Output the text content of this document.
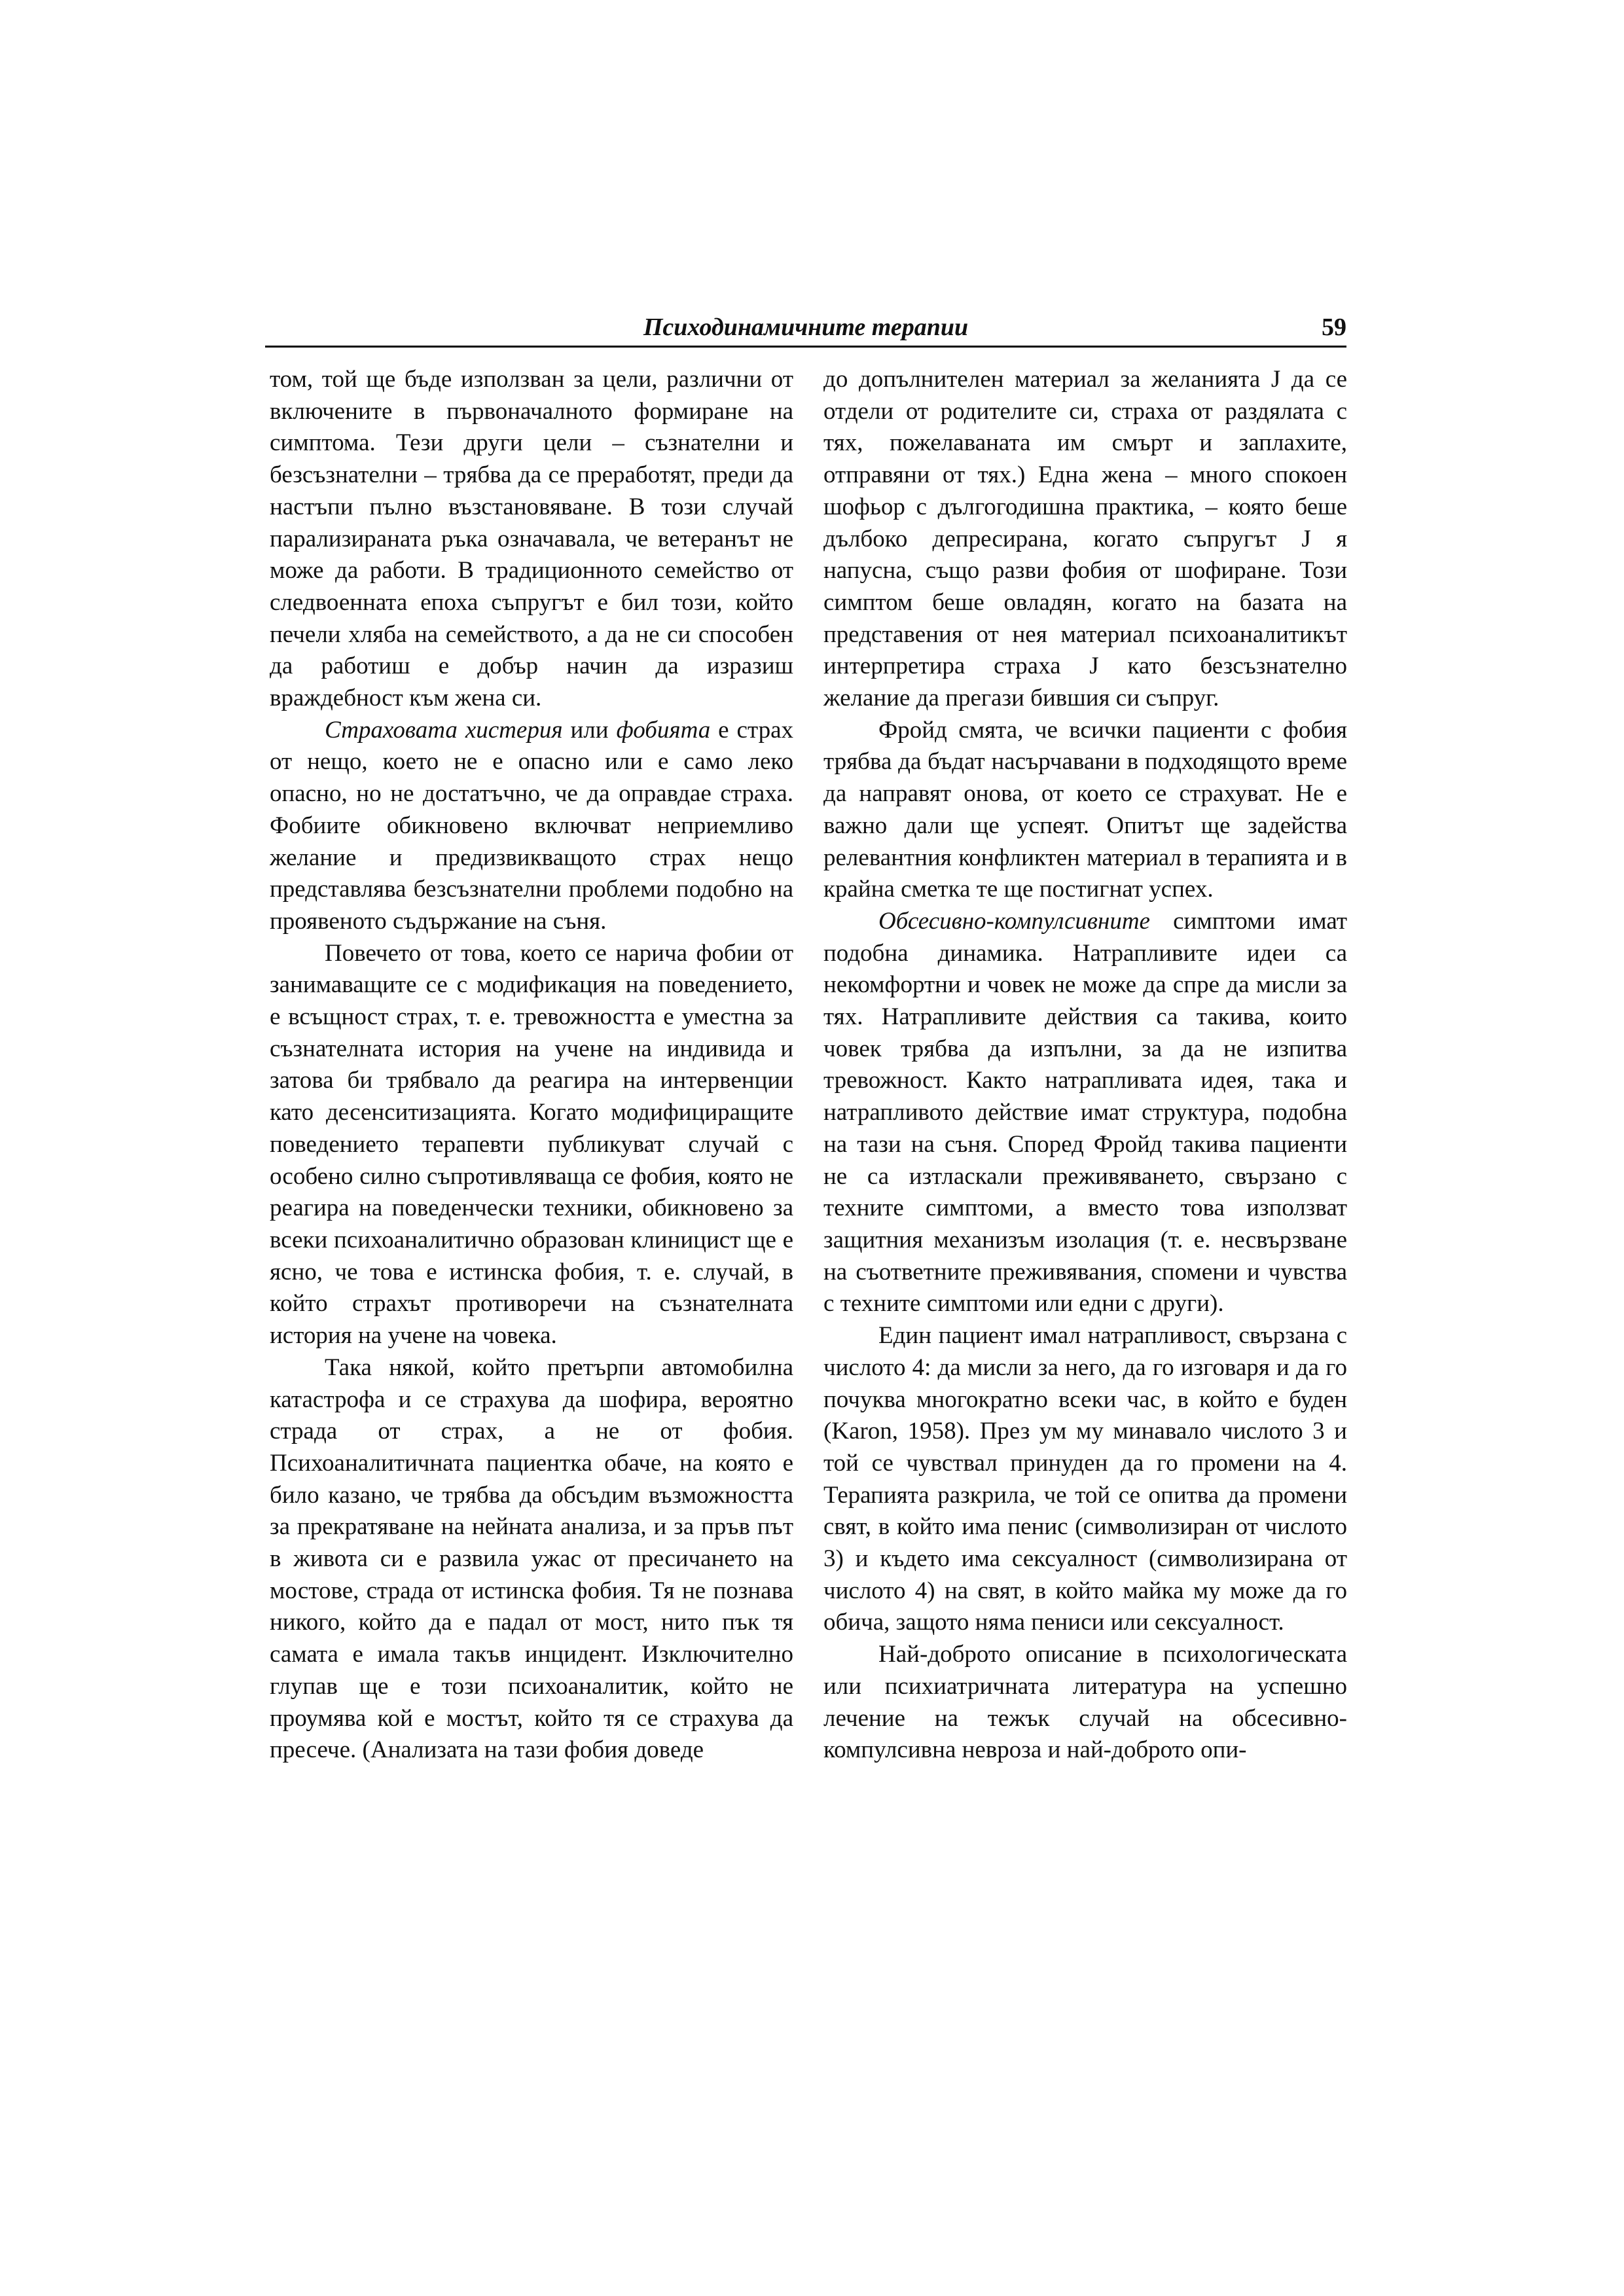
Психодинамичните терапии	59

том, той ще бъде използван за цели, различни от включените в първоначалното формиране на симптома. Тези други цели – съзнателни и безсъзнателни – трябва да се преработят, преди да настъпи пълно възстановяване. В този случай парализираната ръка означавала, че ветеранът не може да работи. В традиционното семейство от следвоенната епоха съпругът е бил този, който печели хляба на семейството, а да не си способен да работиш е добър начин да изразиш враждебност към жена си.

Страховата хистерия или фобията е страх от нещо, което не е опасно или е само леко опасно, но не достатъчно, че да оправдае страха. Фобиите обикновено включват неприемливо желание и предизвикващото страх нещо представлява безсъзнателни проблеми подобно на проявеното съдържание на съня.

Повечето от това, което се нарича фобии от занимаващите се с модификация на поведението, е всъщност страх, т. е. тревожността е уместна за съзнателната история на учене на индивида и затова би трябвало да реагира на интервенции като десенситизацията. Когато модифициращите поведението терапевти публикуват случай с особено силно съпротивляваща се фобия, която не реагира на поведенчески техники, обикновено за всеки психоаналитично образован клиницист ще е ясно, че това е истинска фобия, т. е. случай, в който страхът противоречи на съзнателната история на учене на човека.

Така някой, който претърпи автомобилна катастрофа и се страхува да шофира, вероятно страда от страх, а не от фобия. Психоаналитичната пациентка обаче, на която е било казано, че трябва да обсъдим възможността за прекратяване на нейната анализа, и за пръв път в живота си е развила ужас от пресичането на мостове, страда от истинска фобия. Тя не познава никого, който да е падал от мост, нито пък тя самата е имала такъв инцидент. Изключително глупав ще е този психоаналитик, който не проумява кой е мостът, който тя се страхува да пресече. (Анализата на тази фобия доведе

до допълнителен материал за желанията J да се отдели от родителите си, страха от раздялата с тях, пожелаваната им смърт и заплахите, отправяни от тях.) Една жена – много спокоен шофьор с дългогодишна практика, – която беше дълбоко депресирана, когато съпругът J я напусна, също разви фобия от шофиране. Този симптом беше овладян, когато на базата на представения от нея материал психоаналитикът интерпретира страха J като безсъзнателно желание да прегази бившия си съпруг.

Фройд смята, че всички пациенти с фобия трябва да бъдат насърчавани в подходящото време да направят онова, от което се страхуват. Не е важно дали ще успеят. Опитът ще задейства релевантния конфликтен материал в терапията и в крайна сметка те ще постигнат успех.

Обсесивно-компулсивните симптоми имат подобна динамика. Натрапливите идеи са некомфортни и човек не може да спре да мисли за тях. Натрапливите действия са такива, които човек трябва да изпълни, за да не изпитва тревожност. Както натрапливата идея, така и натрапливото действие имат структура, подобна на тази на съня. Според Фройд такива пациенти не са изтласкали преживяването, свързано с техните симптоми, а вместо това използват защитния механизъм изолация (т. е. несвързване на съответните преживявания, спомени и чувства с техните симптоми или едни с други).

Един пациент имал натрапливост, свързана с числото 4: да мисли за него, да го изговаря и да го почуква многократно всеки час, в който е буден (Karon, 1958). През ум му минавало числото 3 и той се чувствал принуден да го промени на 4. Терапията разкрила, че той се опитва да промени свят, в който има пенис (символизиран от числото 3) и където има сексуалност (символизирана от числото 4) на свят, в който майка му може да го обича, защото няма пениси или сексуалност.

Най-доброто описание в психологическата или психиатричната литература на успешно лечение на тежък случай на обсесивно-компулсивна невроза и най-доброто опи-
